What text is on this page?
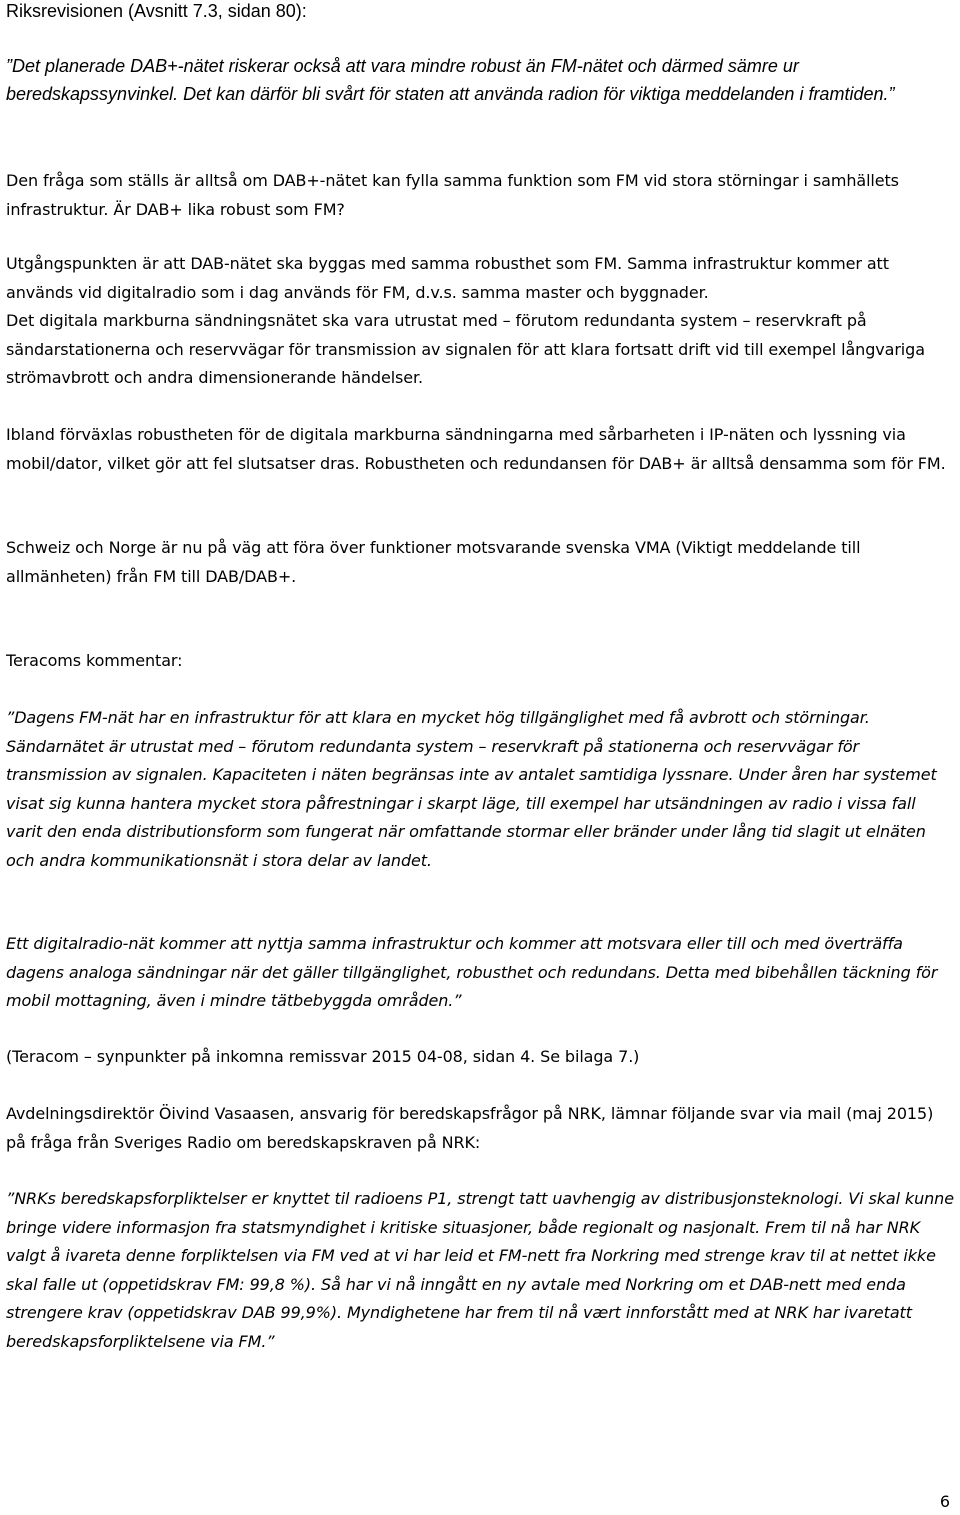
Riksrevisionen (Avsnitt 7.3, sidan 80):

”Det planerade DAB+-nätet riskerar också att vara mindre robust än FM-nätet och därmed sämre ur beredskapssynvinkel. Det kan därför bli svårt för staten att använda radion för viktiga meddelanden i framtiden.”

Den fråga som ställs är alltså om DAB+-nätet kan fylla samma funktion som FM vid stora störningar i samhällets infrastruktur. Är DAB+ lika robust som FM?

Utgångspunkten är att DAB-nätet ska byggas med samma robusthet som FM. Samma infrastruktur kommer att används vid digitalradio som i dag används för FM, d.v.s. samma master och byggnader.

Det digitala markburna sändningsnätet ska vara utrustat med – förutom redundanta system – reservkraft på sändarstationerna och reservvägar för transmission av signalen för att klara fortsatt drift vid till exempel långvariga strömavbrott och andra dimensionerande händelser.

Ibland förväxlas robustheten för de digitala markburna sändningarna med sårbarheten i IP-näten och lyssning via mobil/dator, vilket gör att fel slutsatser dras. Robustheten och redundansen för DAB+ är alltså densamma som för FM.

Schweiz och Norge är nu på väg att föra över funktioner motsvarande svenska VMA (Viktigt meddelande till allmänheten) från FM till DAB/DAB+.

Teracoms kommentar:

”Dagens FM-nät har en infrastruktur för att klara en mycket hög tillgänglighet med få avbrott och störningar. Sändarnätet är utrustat med – förutom redundanta system – reservkraft på stationerna och reservvägar för transmission av signalen. Kapaciteten i näten begränsas inte av antalet samtidiga lyssnare. Under åren har systemet visat sig kunna hantera mycket stora påfrestningar i skarpt läge, till exempel har utsändningen av radio i vissa fall varit den enda distributionsform som fungerat när omfattande stormar eller bränder under lång tid slagit ut elnäten och andra kommunikationsnät i stora delar av landet.

Ett digitalradio-nät kommer att nyttja samma infrastruktur och kommer att motsvara eller till och med överträffa dagens analoga sändningar när det gäller tillgänglighet, robusthet och redundans. Detta med bibehållen täckning för mobil mottagning, även i mindre tätbebyggda områden.”

(Teracom – synpunkter på inkomna remissvar 2015 04-08, sidan 4. Se bilaga 7.)

Avdelningsdirektör Öivind Vasaasen, ansvarig för beredskapsfrågor på NRK, lämnar följande svar via mail (maj 2015) på fråga från Sveriges Radio om beredskapskraven på NRK:

”NRKs beredskapsforpliktelser er knyttet til radioens P1, strengt tatt uavhengig av distribusjonsteknologi. Vi skal kunne bringe videre informasjon fra statsmyndighet i kritiske situasjoner, både regionalt og nasjonalt. Frem til nå har NRK valgt å ivareta denne forpliktelsen via FM ved at vi har leid et FM-nett fra Norkring med strenge krav til at nettet ikke skal falle ut (oppetidskrav FM: 99,8 %). Så har vi nå inngått en ny avtale med Norkring om et DAB-nett med enda strengere krav (oppetidskrav DAB 99,9%). Myndighetene har frem til nå vært innforstått med at NRK har ivaretatt beredskapsforpliktelsene via FM.”

6
